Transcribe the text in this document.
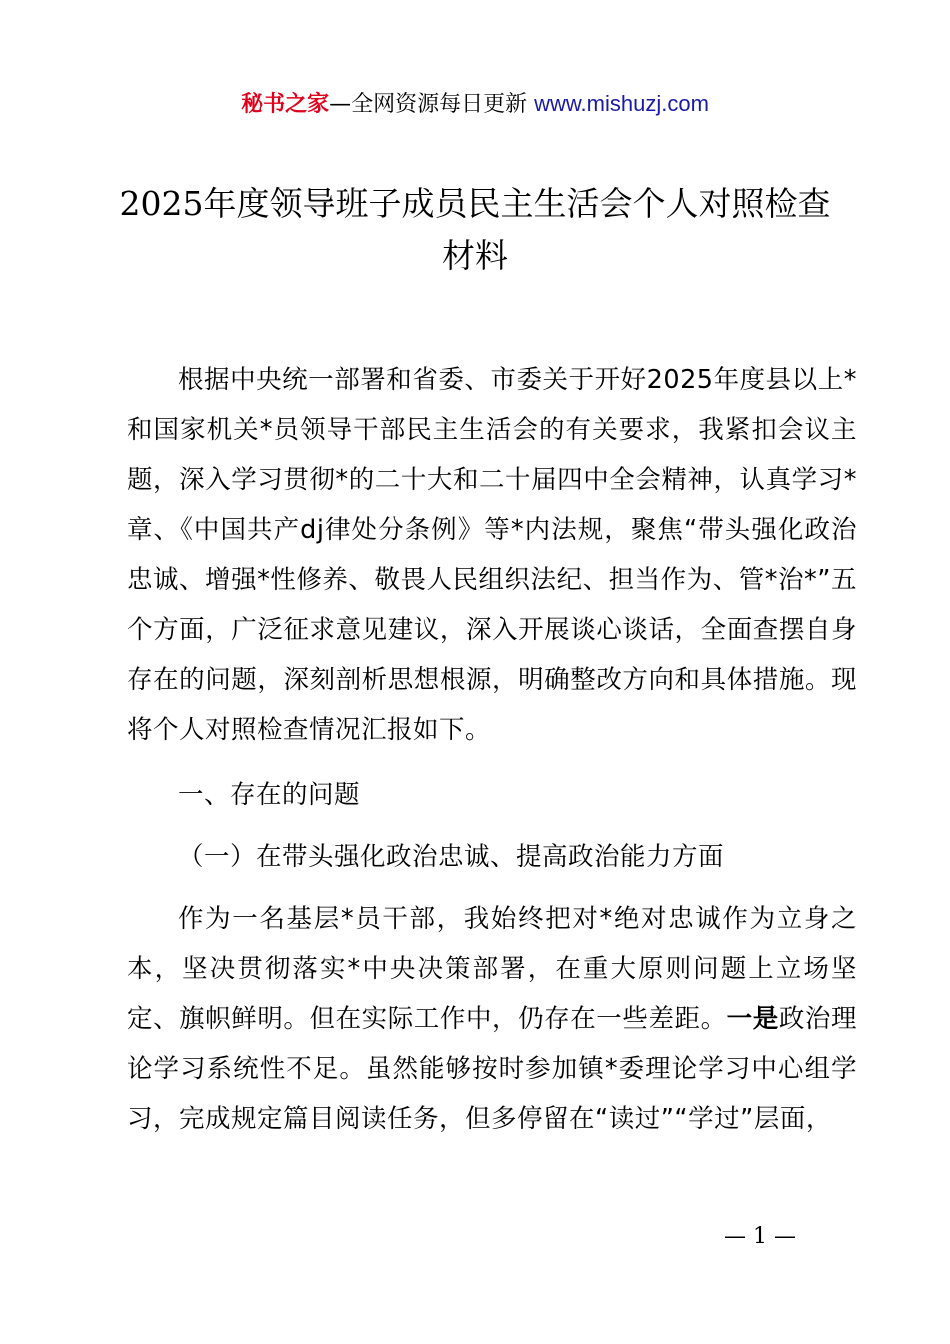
秘书之家—全网资源每日更新 www.mishuzj.com
2025年度领导班子成员民主生活会个人对照检查材料

根据中央统一部署和省委、市委关于开好2025年度县以上*和国家机关*员领导干部民主生活会的有关要求，我紧扣会议主题，深入学习贯彻*的二十大和二十届四中全会精神，认真学习*章、《中国共产dj律处分条例》等*内法规，聚焦“带头强化政治忠诚、增强*性修养、敬畏人民组织法纪、担当作为、管*治*”五个方面，广泛征求意见建议，深入开展谈心谈话，全面查摆自身存在的问题，深刻剖析思想根源，明确整改方向和具体措施。现将个人对照检查情况汇报如下。

一、存在的问题

（一）在带头强化政治忠诚、提高政治能力方面

作为一名基层*员干部，我始终把对*绝对忠诚作为立身之本，坚决贯彻落实*中央决策部署，在重大原则问题上立场坚定、旗帜鲜明。但在实际工作中，仍存在一些差距。一是政治理论学习系统性不足。虽然能够按时参加镇*委理论学习中心组学习，完成规定篇目阅读任务，但多停留在“读过”“学过”层面，

— 1 —
